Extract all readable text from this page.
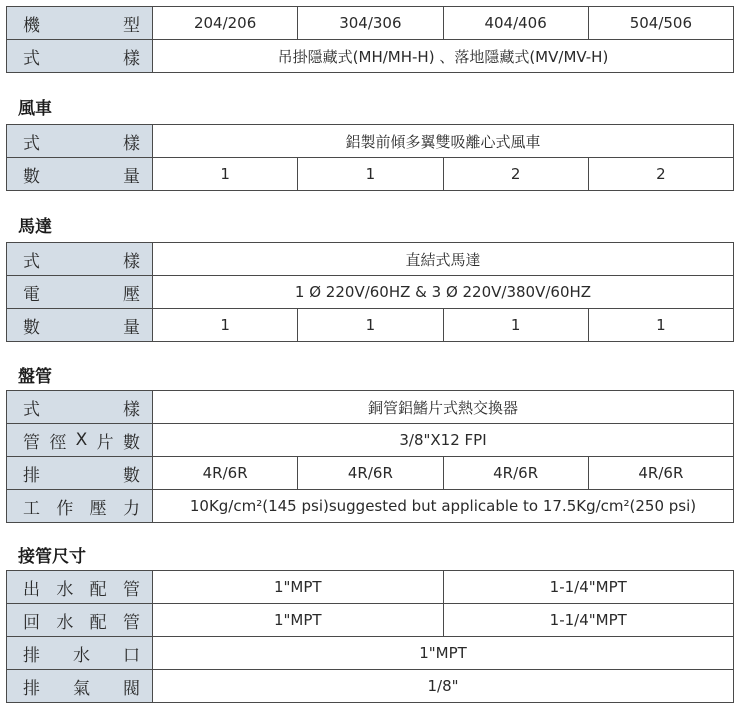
機 型	204/206	304/306	404/406	504/506

式 樣	吊掛隱藏式(MH/MH-H) 、落地隱藏式(MV/MV-H)			
風車
式 樣	鋁製前傾多翼雙吸離心式風車			

數 量	1	1	2	2
馬達
式 樣	直結式馬達			

電 壓	1 Ø 220V/60HZ & 3 Ø 220V/380V/60HZ			

數 量	1	1	1	1
盤管
式 樣	銅管鋁鰭片式熱交換器			

管 徑 X 片 數	3/8"X12 FPI			

排 數	4R/6R	4R/6R	4R/6R	4R/6R

工 作 壓 力	10Kg/cm²(145 psi)suggested but applicable to 17.5Kg/cm²(250 psi)			
接管尺寸
出 水 配 管	1"MPT	1-1/4"MPT

回 水 配 管	1"MPT	1-1/4"MPT

排 水 口	1"MPT	

排 氣 閥	1/8"	
